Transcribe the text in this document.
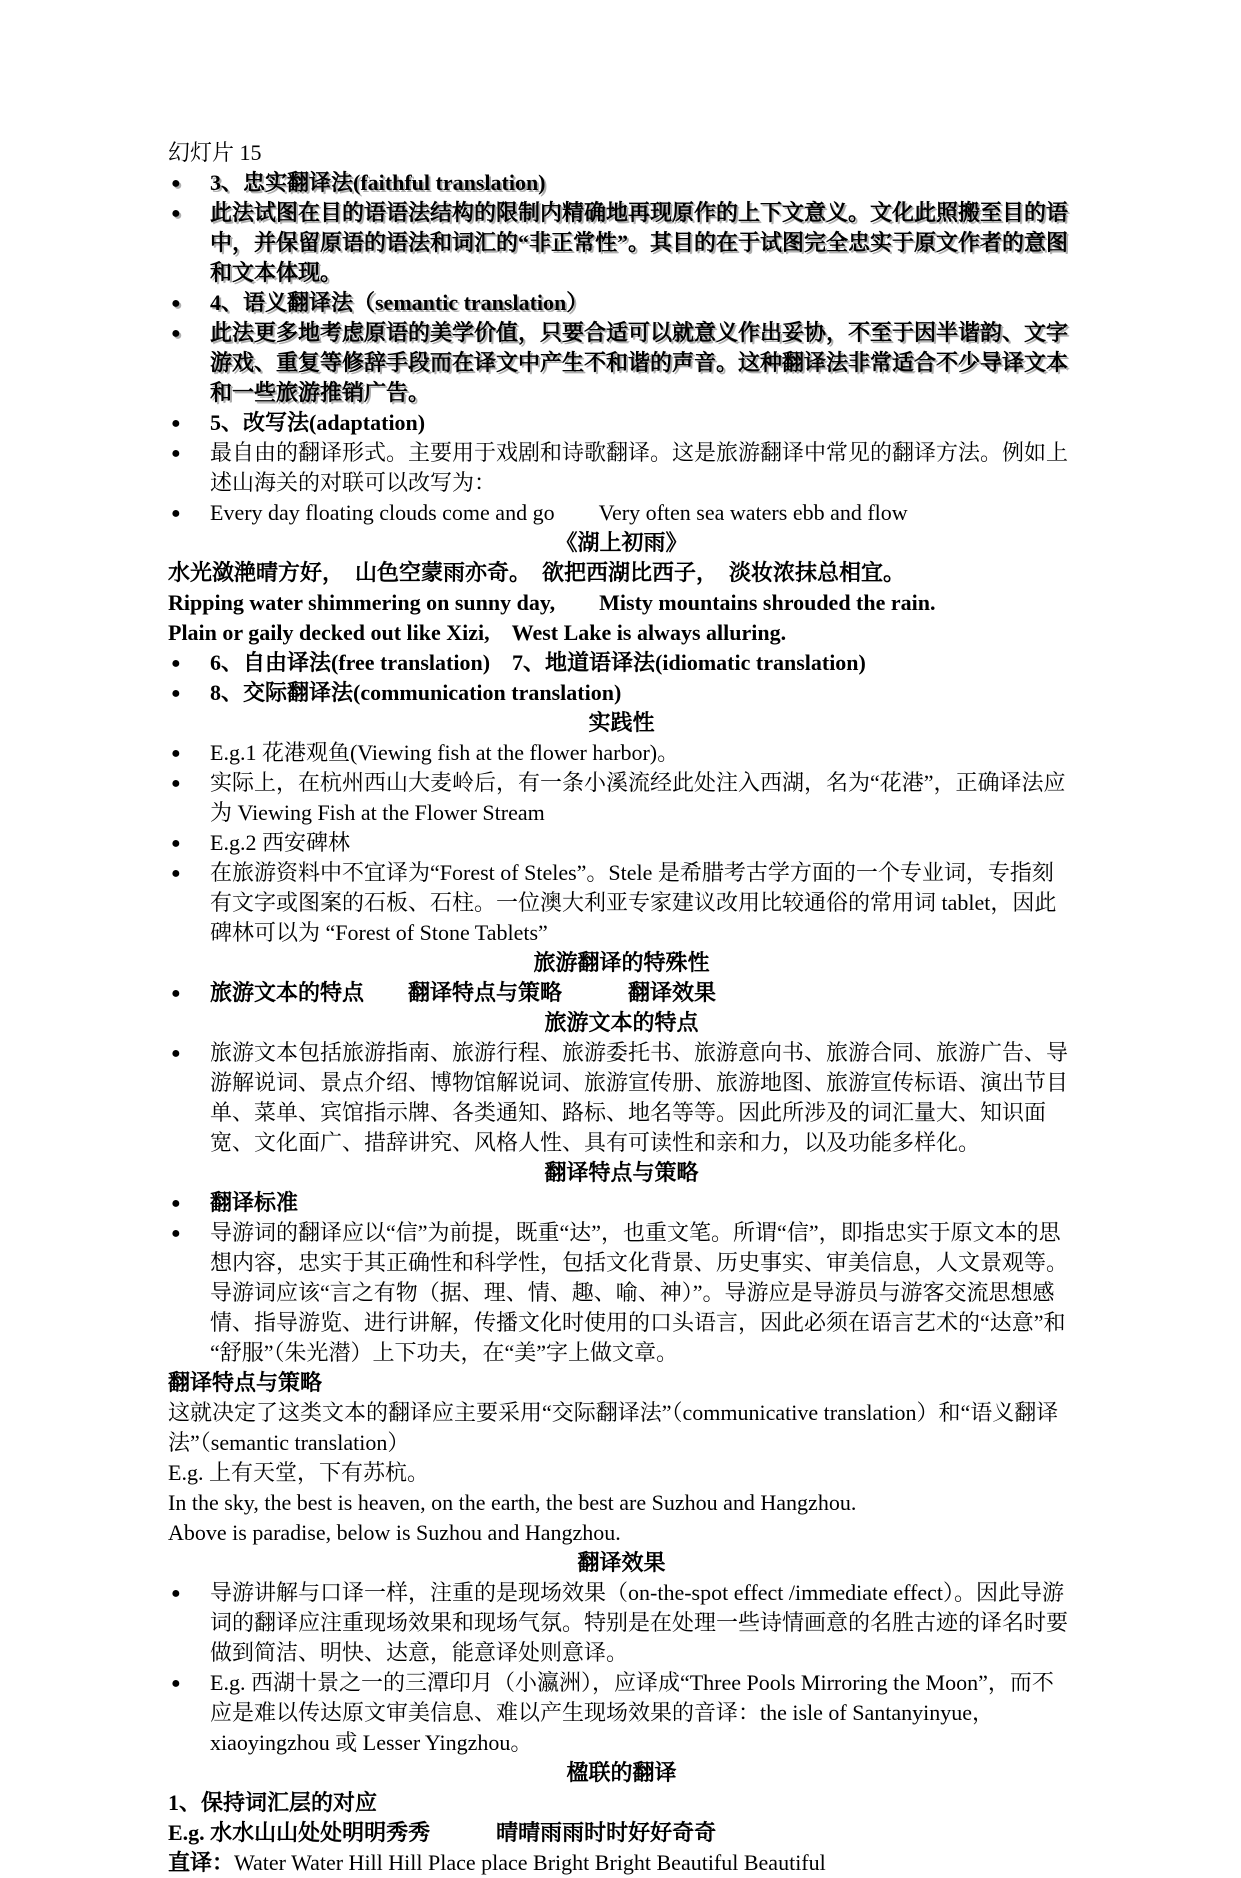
幻灯片 15
● 3、忠实翻译法(faithful translation)
● 此法试图在目的语语法结构的限制内精确地再现原作的上下文意义。文化此照搬至目的语中，并保留原语的语法和词汇的“非正常性”。其目的在于试图完全忠实于原文作者的意图和文本体现。
● 4、语义翻译法（semantic translation）
● 此法更多地考虑原语的美学价值，只要合适可以就意义作出妥协，不至于因半谐韵、文字游戏、重复等修辞手段而在译文中产生不和谐的声音。这种翻译法非常适合不少导译文本和一些旅游推销广告。
● 5、改写法(adaptation)
● 最自由的翻译形式。主要用于戏剧和诗歌翻译。这是旅游翻译中常见的翻译方法。例如上述山海关的对联可以改写为：
● Every day floating clouds come and go　　Very often sea waters ebb and flow
《湖上初雨》
水光潋滟晴方好，　山色空蒙雨亦奇。　欲把西湖比西子，　淡妆浓抹总相宜。
Ripping water shimmering on sunny day,　　Misty mountains shrouded the rain.
Plain or gaily decked out like Xizi,　West Lake is always alluring.
● 6、自由译法(free translation)　7、地道语译法(idiomatic translation)
● 8、交际翻译法(communication translation)
实践性
● E.g.1 花港观鱼(Viewing fish at the flower harbor)。
● 实际上，在杭州西山大麦岭后，有一条小溪流经此处注入西湖，名为“花港”，正确译法应为 Viewing Fish at the Flower Stream
● E.g.2 西安碑林
● 在旅游资料中不宜译为“Forest of Steles”。Stele 是希腊考古学方面的一个专业词，专指刻有文字或图案的石板、石柱。一位澳大利亚专家建议改用比较通俗的常用词 tablet，因此碑林可以为 “Forest of Stone Tablets”
旅游翻译的特殊性
● 旅游文本的特点　　翻译特点与策略　　　翻译效果
旅游文本的特点
● 旅游文本包括旅游指南、旅游行程、旅游委托书、旅游意向书、旅游合同、旅游广告、导游解说词、景点介绍、博物馆解说词、旅游宣传册、旅游地图、旅游宣传标语、演出节目单、菜单、宾馆指示牌、各类通知、路标、地名等等。因此所涉及的词汇量大、知识面宽、文化面广、措辞讲究、风格人性、具有可读性和亲和力，以及功能多样化。
翻译特点与策略
● 翻译标准
● 导游词的翻译应以“信”为前提，既重“达”，也重文笔。所谓“信”，即指忠实于原文本的思想内容，忠实于其正确性和科学性，包括文化背景、历史事实、审美信息，人文景观等。导游词应该“言之有物（据、理、情、趣、喻、神）”。导游应是导游员与游客交流思想感情、指导游览、进行讲解，传播文化时使用的口头语言，因此必须在语言艺术的“达意”和“舒服”（朱光潜）上下功夫，在“美”字上做文章。
翻译特点与策略
这就决定了这类文本的翻译应主要采用“交际翻译法”（communicative translation）和“语义翻译法”（semantic translation）
E.g. 上有天堂，下有苏杭。
In the sky, the best is heaven, on the earth, the best are Suzhou and Hangzhou.
Above is paradise, below is Suzhou and Hangzhou.
翻译效果
● 导游讲解与口译一样，注重的是现场效果（on-the-spot effect /immediate effect）。因此导游词的翻译应注重现场效果和现场气氛。特别是在处理一些诗情画意的名胜古迹的译名时要做到简洁、明快、达意，能意译处则意译。
● E.g. 西湖十景之一的三潭印月（小瀛洲），应译成“Three Pools Mirroring the Moon”，而不应是难以传达原文审美信息、难以产生现场效果的音译：the isle of Santanyinyue，xiaoyingzhou 或 Lesser Yingzhou。
楹联的翻译
1、保持词汇层的对应
E.g. 水水山山处处明明秀秀　　　晴晴雨雨时时好好奇奇
直译：Water Water Hill Hill Place place Bright Bright Beautiful Beautiful
